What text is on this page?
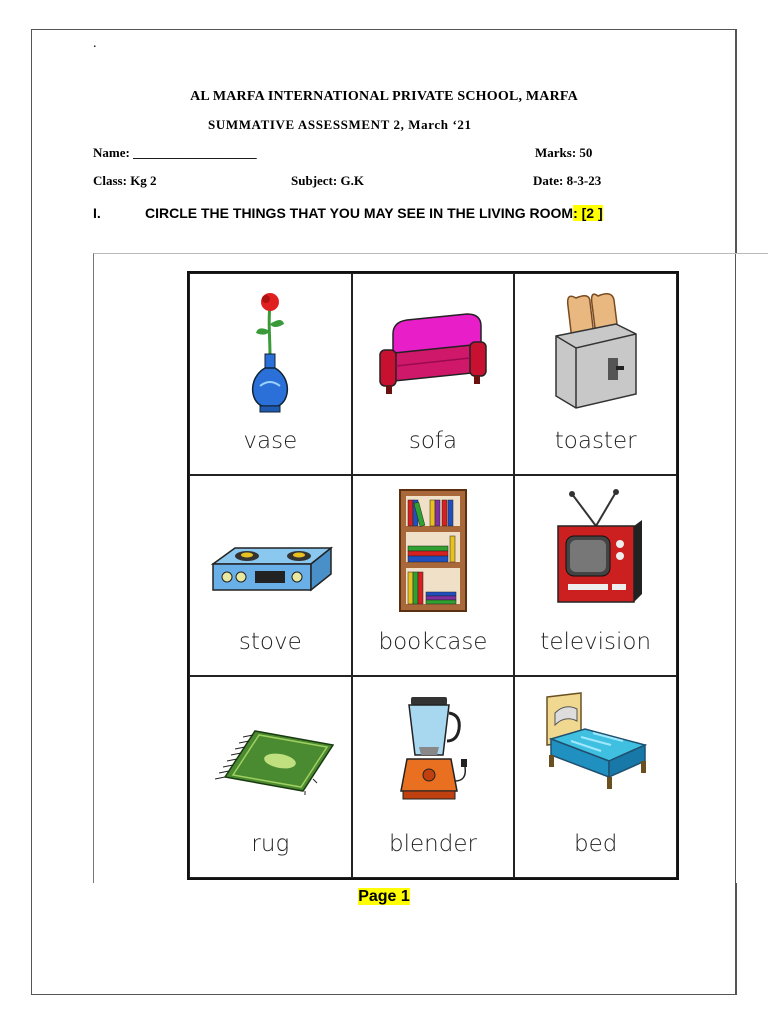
.
AL MARFA INTERNATIONAL PRIVATE SCHOOL, MARFA
SUMMATIVE ASSESSMENT 2, March ‘21
Name: ___________________	Marks: 50
Class: Kg 2	Subject: G.K	Date: 8-3-23
I.	CIRCLE THE THINGS THAT YOU MAY SEE IN THE LIVING ROOM: [2 ]
vase	sofa	toaster
stove	bookcase	television
rug	blender	bed
Page 1
